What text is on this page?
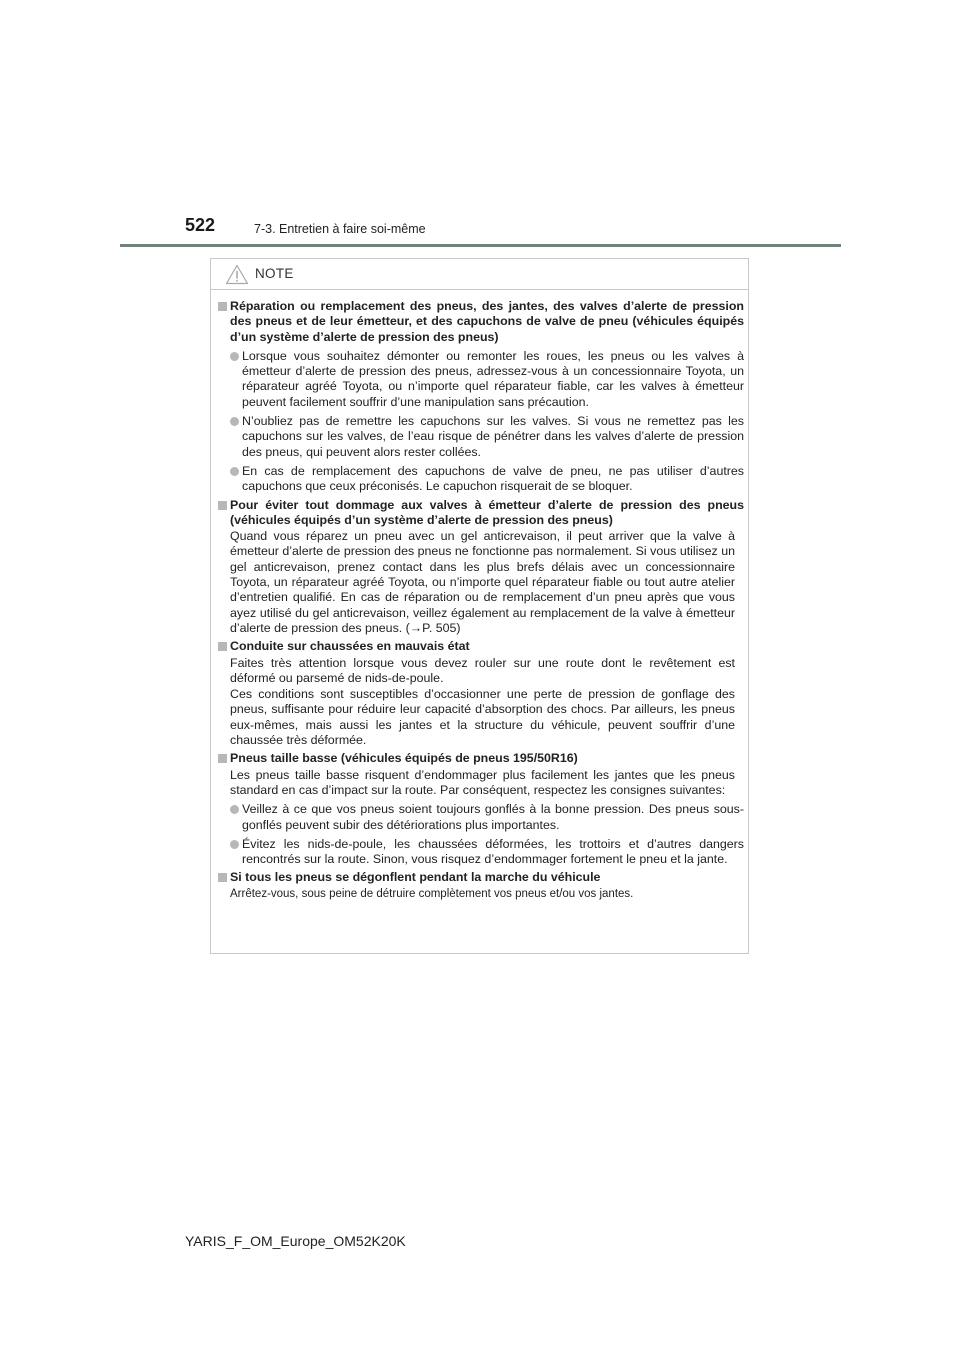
522	7-3. Entretien à faire soi-même
NOTE
Réparation ou remplacement des pneus, des jantes, des valves d’alerte de pression des pneus et de leur émetteur, et des capuchons de valve de pneu (véhicules équipés d’un système d’alerte de pression des pneus)
Lorsque vous souhaitez démonter ou remonter les roues, les pneus ou les valves à émetteur d’alerte de pression des pneus, adressez-vous à un concessionnaire Toyota, un réparateur agréé Toyota, ou n’importe quel réparateur fiable, car les valves à émetteur peuvent facilement souffrir d’une manipulation sans précaution.
N’oubliez pas de remettre les capuchons sur les valves. Si vous ne remettez pas les capuchons sur les valves, de l’eau risque de pénétrer dans les valves d’alerte de pression des pneus, qui peuvent alors rester collées.
En cas de remplacement des capuchons de valve de pneu, ne pas utiliser d’autres capuchons que ceux préconisés. Le capuchon risquerait de se bloquer.
Pour éviter tout dommage aux valves à émetteur d’alerte de pression des pneus (véhicules équipés d’un système d’alerte de pression des pneus)
Quand vous réparez un pneu avec un gel anticrevaison, il peut arriver que la valve à émetteur d’alerte de pression des pneus ne fonctionne pas normalement. Si vous utilisez un gel anticrevaison, prenez contact dans les plus brefs délais avec un concessionnaire Toyota, un réparateur agréé Toyota, ou n’importe quel réparateur fiable ou tout autre atelier d’entretien qualifié. En cas de réparation ou de remplacement d’un pneu après que vous ayez utilisé du gel anticrevaison, veillez également au remplacement de la valve à émetteur d’alerte de pression des pneus. (→P. 505)
Conduite sur chaussées en mauvais état
Faites très attention lorsque vous devez rouler sur une route dont le revêtement est déformé ou parsemé de nids-de-poule.
Ces conditions sont susceptibles d’occasionner une perte de pression de gonflage des pneus, suffisante pour réduire leur capacité d’absorption des chocs. Par ailleurs, les pneus eux-mêmes, mais aussi les jantes et la structure du véhicule, peuvent souffrir d’une chaussée très déformée.
Pneus taille basse (véhicules équipés de pneus 195/50R16)
Les pneus taille basse risquent d’endommager plus facilement les jantes que les pneus standard en cas d’impact sur la route. Par conséquent, respectez les consignes suivantes:
Veillez à ce que vos pneus soient toujours gonflés à la bonne pression. Des pneus sous-gonflés peuvent subir des détériorations plus importantes.
Évitez les nids-de-poule, les chaussées déformées, les trottoirs et d’autres dangers rencontrés sur la route. Sinon, vous risquez d’endommager fortement le pneu et la jante.
Si tous les pneus se dégonflent pendant la marche du véhicule
Arrêtez-vous, sous peine de détruire complètement vos pneus et/ou vos jantes.
YARIS_F_OM_Europe_OM52K20K
